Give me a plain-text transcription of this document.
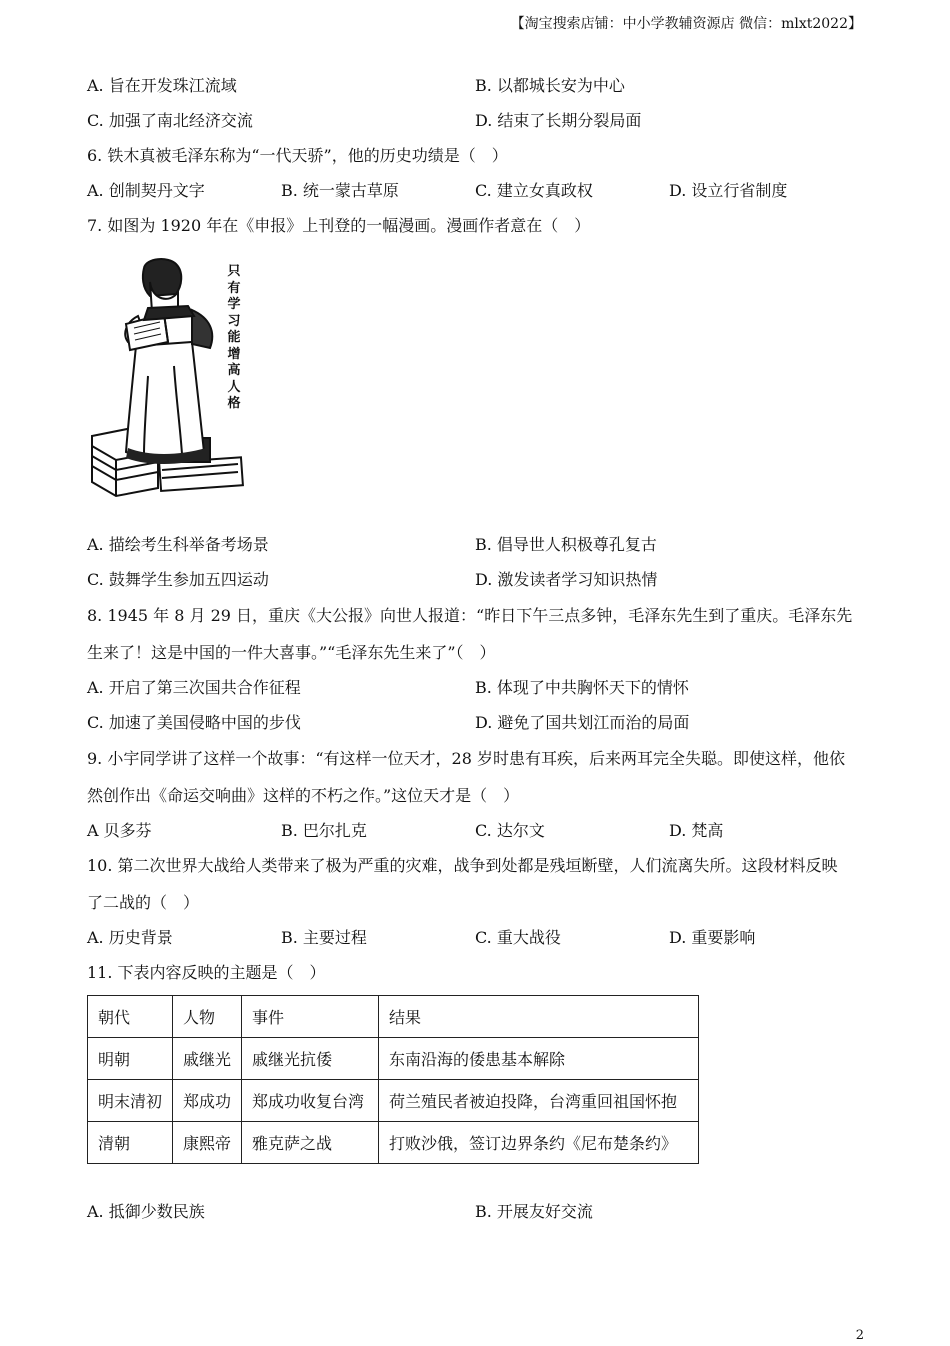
【淘宝搜索店铺：中小学教辅资源店 微信：mlxt2022】
A. 旨在开发珠江流域	B. 以都城长安为中心
C. 加强了南北经济交流	D. 结束了长期分裂局面
6. 铁木真被毛泽东称为“一代天骄”，他的历史功绩是（　）
A. 创制契丹文字	B. 统一蒙古草原	C. 建立女真政权	D. 设立行省制度
7. 如图为 1920 年在《申报》上刊登的一幅漫画。漫画作者意在（　）
只
有
学
习
能
增
高
人
格
A. 描绘考生科举备考场景	B. 倡导世人积极尊孔复古
C. 鼓舞学生参加五四运动	D. 激发读者学习知识热情
8. 1945 年 8 月 29 日，重庆《大公报》向世人报道：“昨日下午三点多钟，毛泽东先生到了重庆。毛泽东先
生来了！这是中国的一件大喜事。”“毛泽东先生来了”（　）
A. 开启了第三次国共合作征程	B. 体现了中共胸怀天下的情怀
C. 加速了美国侵略中国的步伐	D. 避免了国共划江而治的局面
9. 小宇同学讲了这样一个故事：“有这样一位天才，28 岁时患有耳疾，后来两耳完全失聪。即使这样，他依
然创作出《命运交响曲》这样的不朽之作。”这位天才是（　）
A 贝多芬	B. 巴尔扎克	C. 达尔文	D. 梵高
10. 第二次世界大战给人类带来了极为严重的灾难，战争到处都是残垣断壁，人们流离失所。这段材料反映
了二战的（　）
A. 历史背景	B. 主要过程	C. 重大战役	D. 重要影响
11. 下表内容反映的主题是（　）
朝代	人物	事件	结果
明朝	戚继光	戚继光抗倭	东南沿海的倭患基本解除
明末清初	郑成功	郑成功收复台湾	荷兰殖民者被迫投降，台湾重回祖国怀抱
清朝	康熙帝	雅克萨之战	打败沙俄，签订边界条约《尼布楚条约》
A. 抵御少数民族	B. 开展友好交流
2
